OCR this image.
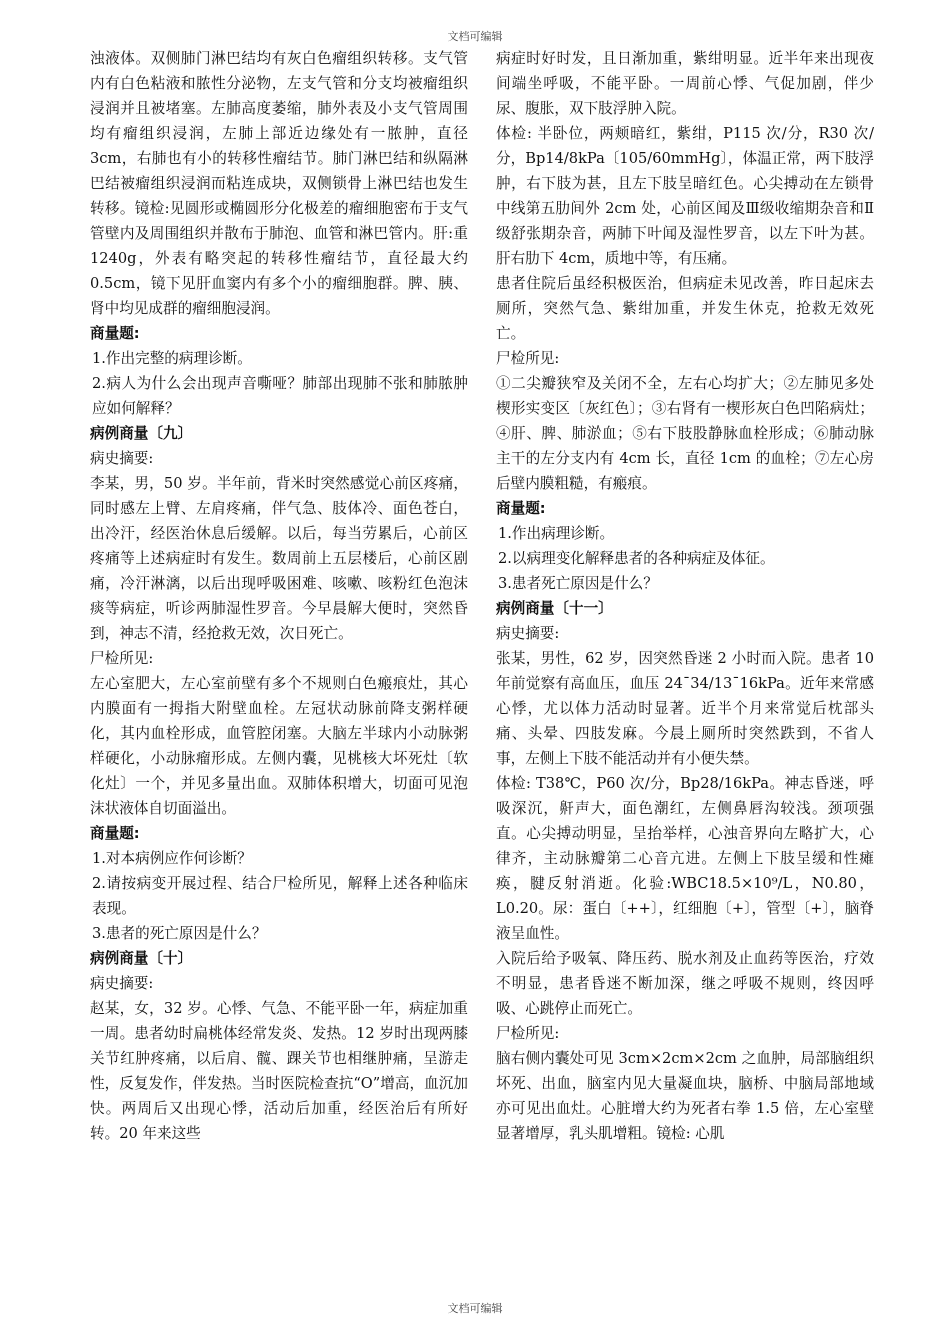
文档可编辑

浊液体。双侧肺门淋巴结均有灰白色瘤组织转移。支气管内有白色粘液和脓性分泌物，左支气管和分支均被瘤组织浸润并且被堵塞。左肺高度萎缩，肺外表及小支气管周围均有瘤组织浸润，左肺上部近边缘处有一脓肿，直径 3cm，右肺也有小的转移性瘤结节。肺门淋巴结和纵隔淋巴结被瘤组织浸润而粘连成块，双侧锁骨上淋巴结也发生转移。镜检:见圆形或椭圆形分化极差的瘤细胞密布于支气管壁内及周围组织并散布于肺泡、血管和淋巴管内。肝:重 1240g，外表有略突起的转移性瘤结节，直径最大约 0.5cm，镜下见肝血窦内有多个小的瘤细胞群。脾、胰、肾中均见成群的瘤细胞浸润。

商量题:

1.作出完整的病理诊断。

2.病人为什么会出现声音嘶哑？肺部出现肺不张和肺脓肿应如何解释？

病例商量〔九〕

病史摘要:

李某，男，50 岁。半年前，背米时突然感觉心前区疼痛，同时感左上臂、左肩疼痛，伴气急、肢体冷、面色苍白，出冷汗，经医治休息后缓解。以后，每当劳累后，心前区疼痛等上述病症时有发生。数周前上五层楼后，心前区剧痛，冷汗淋漓，以后出现呼吸困难、咳嗽、咳粉红色泡沫痰等病症，听诊两肺湿性罗音。今早晨解大便时，突然昏到，神志不清，经抢救无效，次日死亡。

尸检所见:

左心室肥大，左心室前壁有多个不规则白色瘢痕灶，其心内膜面有一拇指大附壁血栓。左冠状动脉前降支粥样硬化，其内血栓形成，血管腔闭塞。大脑左半球内小动脉粥样硬化，小动脉瘤形成。左侧内囊，见桃核大坏死灶〔软化灶〕一个，并见多量出血。双肺体积增大，切面可见泡沫状液体自切面溢出。

商量题:

1.对本病例应作何诊断？

2.请按病变开展过程、结合尸检所见，解释上述各种临床表现。

3.患者的死亡原因是什么？

病例商量〔十〕

病史摘要:

赵某，女，32 岁。心悸、气急、不能平卧一年，病症加重一周。患者幼时扁桃体经常发炎、发热。12 岁时出现两膝关节红肿疼痛，以后肩、髋、踝关节也相继肿痛，呈游走性，反复发作，伴发热。当时医院检查抗“O”增高，血沉加快。两周后又出现心悸，活动后加重，经医治后有所好转。20 年来这些

病症时好时发，且日渐加重，紫绀明显。近半年来出现夜间端坐呼吸，不能平卧。一周前心悸、气促加剧，伴少尿、腹胀，双下肢浮肿入院。

体检: 半卧位，两颊暗红，紫绀，P115 次/分，R30 次/分，Bp14/8kPa〔105/60mmHg〕，体温正常，两下肢浮肿，右下肢为甚，且左下肢呈暗红色。心尖搏动在左锁骨中线第五肋间外 2cm 处，心前区闻及Ⅲ级收缩期杂音和Ⅱ级舒张期杂音，两肺下叶闻及湿性罗音，以左下叶为甚。肝右肋下 4cm，质地中等，有压痛。

患者住院后虽经积极医治，但病症未见改善，昨日起床去厕所，突然气急、紫绀加重，并发生休克，抢救无效死亡。

尸检所见:

①二尖瓣狭窄及关闭不全，左右心均扩大；②左肺见多处楔形实变区〔灰红色〕；③右肾有一楔形灰白色凹陷病灶；④肝、脾、肺淤血；⑤右下肢股静脉血栓形成；⑥肺动脉主干的左分支内有 4cm 长，直径 1cm 的血栓；⑦左心房后壁内膜粗糙，有瘢痕。

商量题:

1.作出病理诊断。

2.以病理变化解释患者的各种病症及体征。

3.患者死亡原因是什么？

病例商量〔十一〕

病史摘要:

张某，男性，62 岁，因突然昏迷 2 小时而入院。患者 10 年前觉察有高血压，血压 24¯34/13¯16kPa。近年来常感心悸，尤以体力活动时显著。近半个月来常觉后枕部头痛、头晕、四肢发麻。今晨上厕所时突然跌到，不省人事，左侧上下肢不能活动并有小便失禁。

体检: T38℃，P60 次/分，Bp28/16kPa。神志昏迷，呼吸深沉，鼾声大，面色潮红，左侧鼻唇沟较浅。颈项强直。心尖搏动明显，呈抬举样，心浊音界向左略扩大，心律齐，主动脉瓣第二心音亢进。左侧上下肢呈缓和性瘫痪，腱反射消逝。化验:WBC18.5×10⁹/L，N0.80，L0.20。尿：蛋白〔++〕，红细胞〔+〕，管型〔+〕，脑脊液呈血性。

入院后给予吸氧、降压药、脱水剂及止血药等医治，疗效不明显，患者昏迷不断加深，继之呼吸不规则，终因呼吸、心跳停止而死亡。

尸检所见:

脑右侧内囊处可见 3cm×2cm×2cm 之血肿，局部脑组织坏死、出血，脑室内见大量凝血块，脑桥、中脑局部地域亦可见出血灶。心脏增大约为死者右拳 1.5 倍，左心室壁显著增厚，乳头肌增粗。镜检: 心肌

文档可编辑
